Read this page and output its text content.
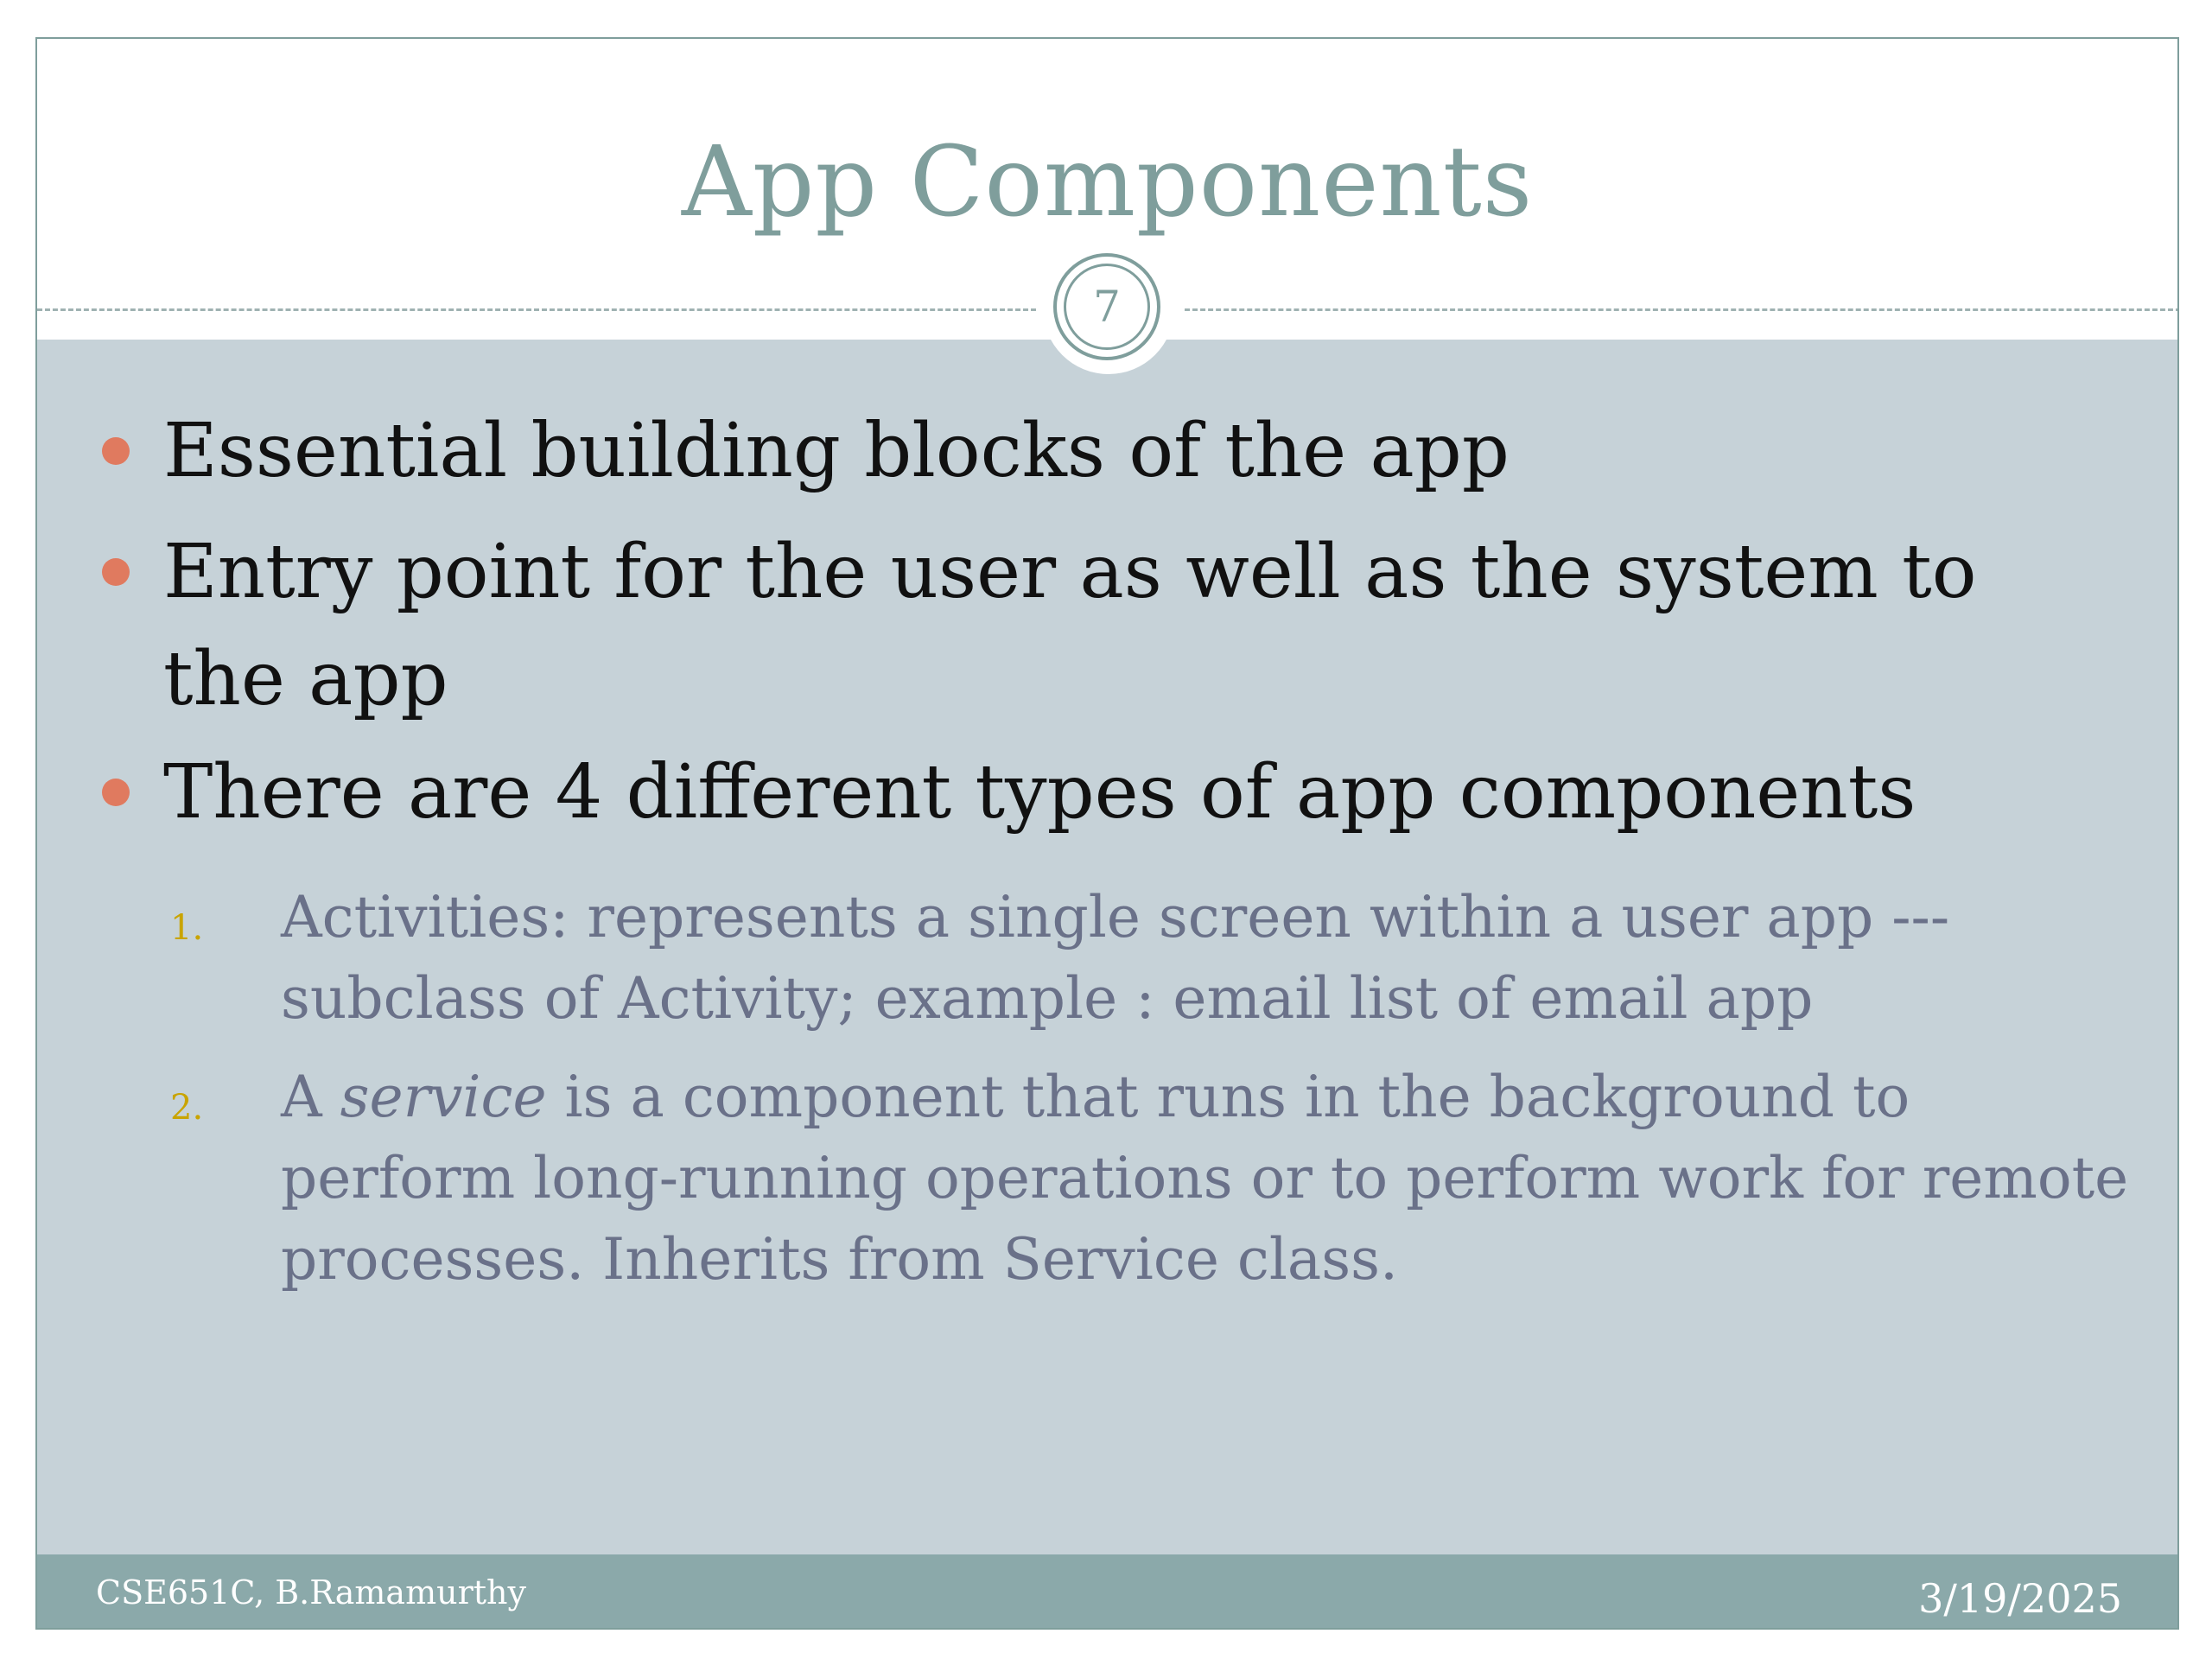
App Components
7
Essential building blocks of the app
Entry point for the user as well as the system to the app
There are 4 different types of app components
1. Activities: represents a single screen within a user app --- subclass of Activity; example : email list of email app
2. A service is a component that runs in the background to perform long-running operations or to perform work for remote processes. Inherits from Service class.
CSE651C, B.Ramamurthy	3/19/2025
